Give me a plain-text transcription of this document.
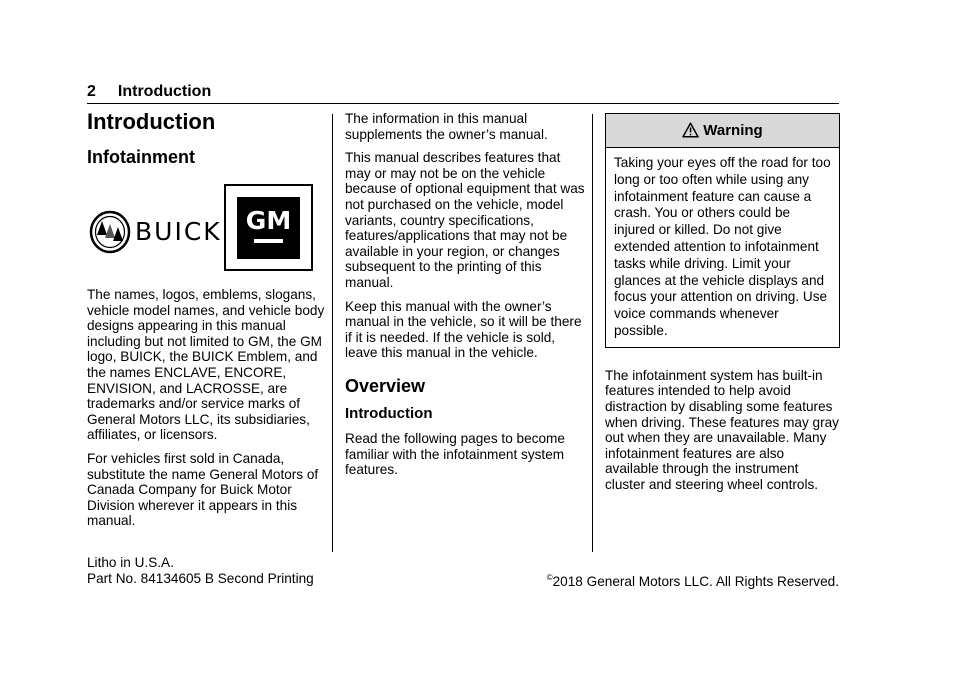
2 Introduction
Introduction
Infotainment
BUICK GM

The names, logos, emblems, slogans, vehicle model names, and vehicle body designs appearing in this manual including but not limited to GM, the GM logo, BUICK, the BUICK Emblem, and the names ENCLAVE, ENCORE, ENVISION, and LACROSSE, are trademarks and/or service marks of General Motors LLC, its subsidiaries, affiliates, or licensors.

For vehicles first sold in Canada, substitute the name General Motors of Canada Company for Buick Motor Division wherever it appears in this manual.

The information in this manual supplements the owner’s manual.

This manual describes features that may or may not be on the vehicle because of optional equipment that was not purchased on the vehicle, model variants, country specifications, features/applications that may not be available in your region, or changes subsequent to the printing of this manual.

Keep this manual with the owner’s manual in the vehicle, so it will be there if it is needed. If the vehicle is sold, leave this manual in the vehicle.

Overview
Introduction

Read the following pages to become familiar with the infotainment system features.

Warning
Taking your eyes off the road for too long or too often while using any infotainment feature can cause a crash. You or others could be injured or killed. Do not give extended attention to infotainment tasks while driving. Limit your glances at the vehicle displays and focus your attention on driving. Use voice commands whenever possible.

The infotainment system has built-in features intended to help avoid distraction by disabling some features when driving. These features may gray out when they are unavailable. Many infotainment features are also available through the instrument cluster and steering wheel controls.

Litho in U.S.A.
Part No. 84134605 B Second Printing	©2018 General Motors LLC. All Rights Reserved.
